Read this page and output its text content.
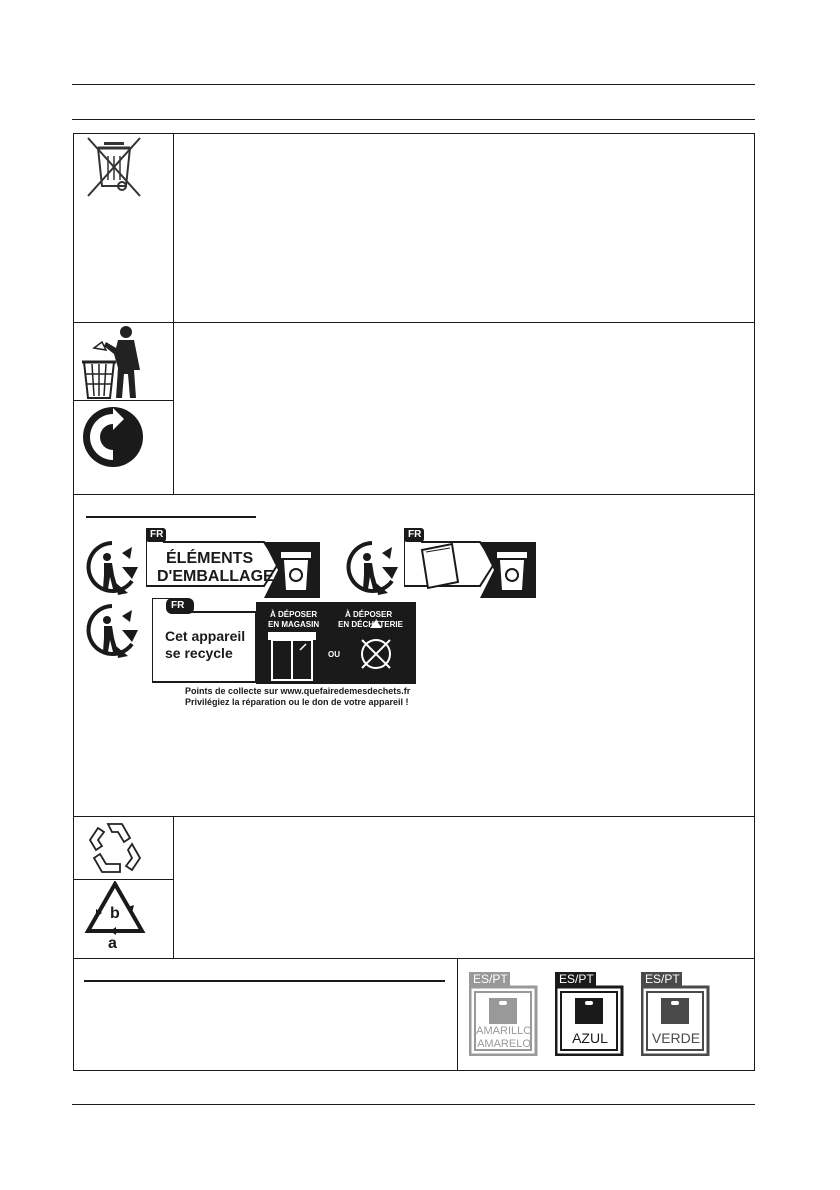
FR
ÉLÉMENTS
D'EMBALLAGE
FR
FR
Cet appareil
se recycle
À DÉPOSER
EN MAGASIN
À DÉPOSER
EN DÉCHÈTERIE
OU
Points de collecte sur www.quefairedemesdechets.fr
Privilégiez la réparation ou le don de votre appareil !
b
a
ES/PT
AMARILLO
AMARELO
ES/PT
AZUL
ES/PT
VERDE
